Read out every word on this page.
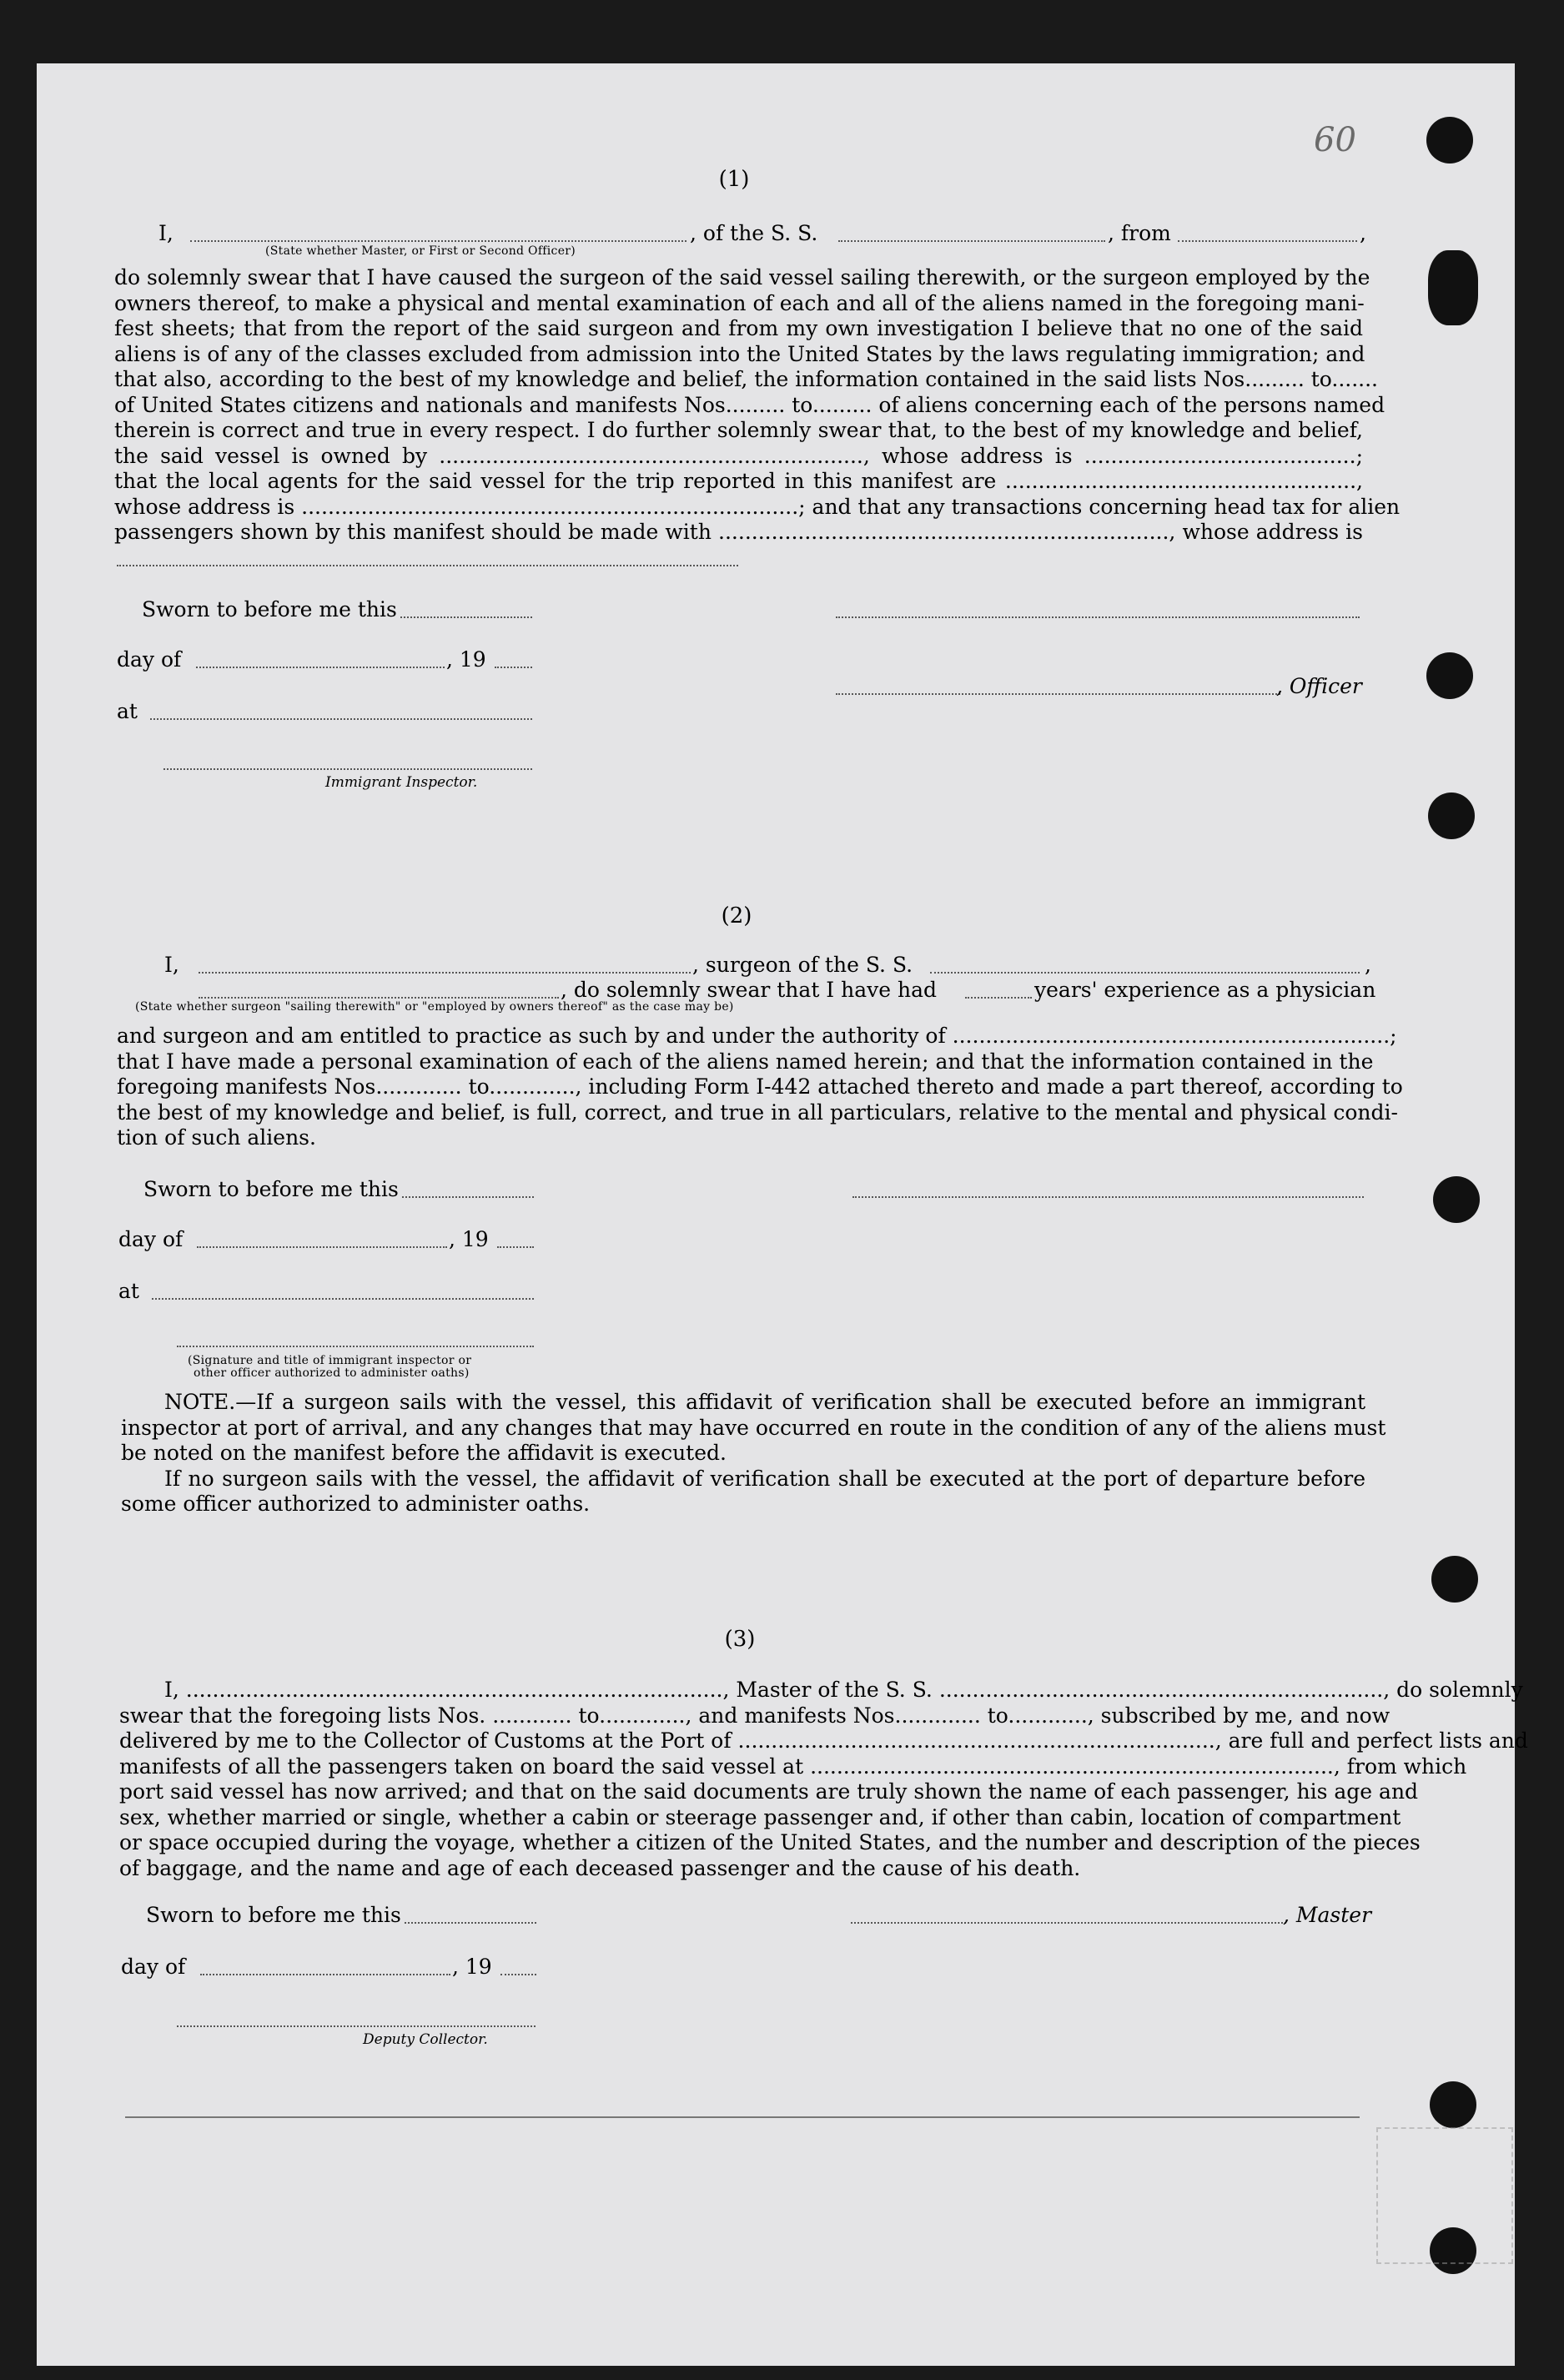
60
(1)
I,	, of the S. S.	, from	,
(State whether Master, or First or Second Officer)
do solemnly swear that I have caused the surgeon of the said vessel sailing therewith, or the surgeon employed by the
owners thereof, to make a physical and mental examination of each and all of the aliens named in the foregoing mani-
fest sheets; that from the report of the said surgeon and from my own investigation I believe that no one of the said
aliens is of any of the classes excluded from admission into the United States by the laws regulating immigration; and
that also, according to the best of my knowledge and belief, the information contained in the said lists Nos......... to.......
of United States citizens and nationals and manifests Nos......... to......... of aliens concerning each of the persons named
therein is correct and true in every respect. I do further solemnly swear that, to the best of my knowledge and belief,
the said vessel is owned by ................................................................, whose address is .........................................;
that the local agents for the said vessel for the trip reported in this manifest are .....................................................,
whose address is ...........................................................................; and that any transactions concerning head tax for alien
passengers shown by this manifest should be made with ...................................................................., whose address is
Sworn to before me this
day of	, 19
, Officer
at
Immigrant Inspector.
(2)
I,	, surgeon of the S. S.	,
, do solemnly swear that I have had	years' experience as a physician
(State whether surgeon "sailing therewith" or "employed by owners thereof" as the case may be)
and surgeon and am entitled to practice as such by and under the authority of ..................................................................;
that I have made a personal examination of each of the aliens named herein; and that the information contained in the
foregoing manifests Nos............. to............., including Form I-442 attached thereto and made a part thereof, according to
the best of my knowledge and belief, is full, correct, and true in all particulars, relative to the mental and physical condi-
tion of such aliens.
Sworn to before me this
day of	, 19
at
(Signature and title of immigrant inspector or
other officer authorized to administer oaths)
NOTE.—If a surgeon sails with the vessel, this affidavit of verification shall be executed before an immigrant
inspector at port of arrival, and any changes that may have occurred en route in the condition of any of the aliens must
be noted on the manifest before the affidavit is executed.
If no surgeon sails with the vessel, the affidavit of verification shall be executed at the port of departure before
some officer authorized to administer oaths.
(3)
I, ................................................................................., Master of the S. S. ..................................................................., do solemnly
swear that the foregoing lists Nos. ............ to............., and manifests Nos............. to............, subscribed by me, and now
delivered by me to the Collector of Customs at the Port of ........................................................................, are full and perfect lists and
manifests of all the passengers taken on board the said vessel at ..............................................................................., from which
port said vessel has now arrived; and that on the said documents are truly shown the name of each passenger, his age and
sex, whether married or single, whether a cabin or steerage passenger and, if other than cabin, location of compartment
or space occupied during the voyage, whether a citizen of the United States, and the number and description of the pieces
of baggage, and the name and age of each deceased passenger and the cause of his death.
Sworn to before me this	, Master
day of	, 19
Deputy Collector.
